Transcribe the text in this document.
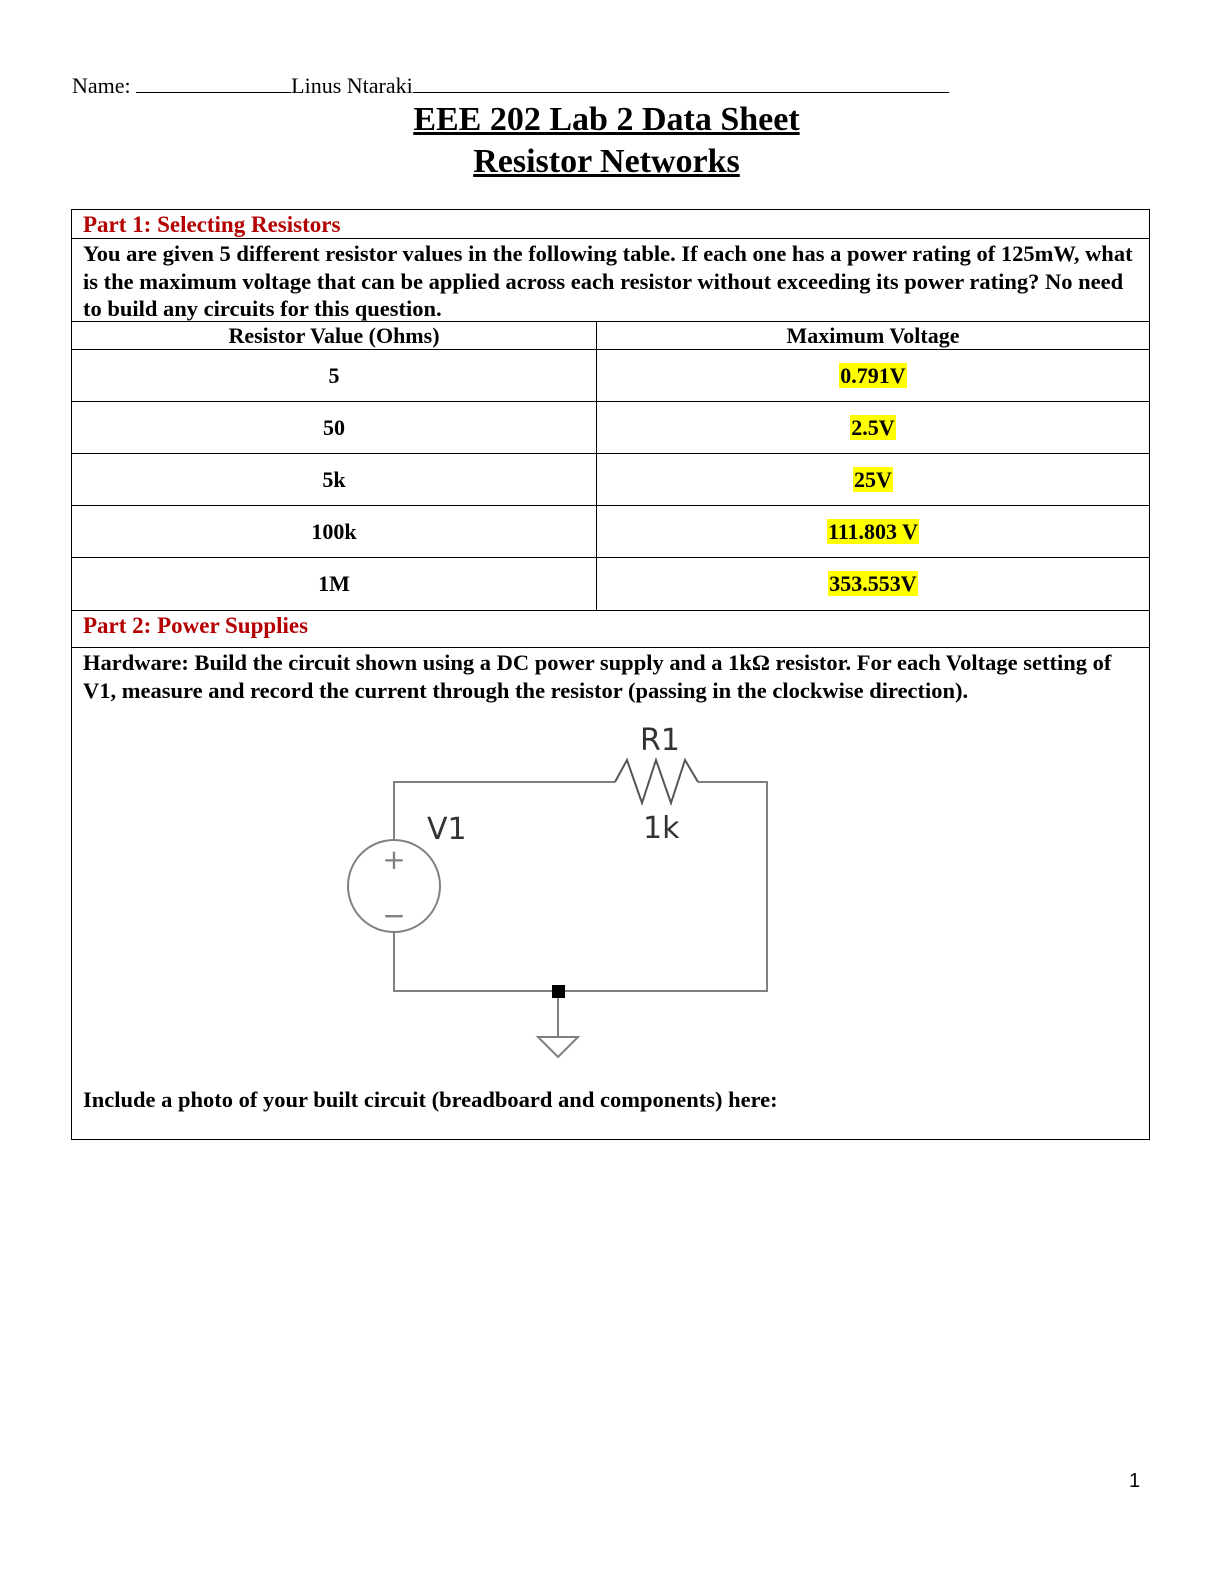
Name:	Linus Ntaraki
EEE 202 Lab 2 Data Sheet
Resistor Networks
Part 1: Selecting Resistors
You are given 5 different resistor values in the following table. If each one has a power rating of 125mW, what is the maximum voltage that can be applied across each resistor without exceeding its power rating? No need to build any circuits for this question.
Resistor Value (Ohms)	Maximum Voltage
5	0.791V
50	2.5V
5k	25V
100k	111.803 V
1M	353.553V
Part 2: Power Supplies
Hardware: Build the circuit shown using a DC power supply and a 1kΩ resistor. For each Voltage setting of V1, measure and record the current through the resistor (passing in the clockwise direction).
V1
R1
1k
+
−
Include a photo of your built circuit (breadboard and components) here:
1
